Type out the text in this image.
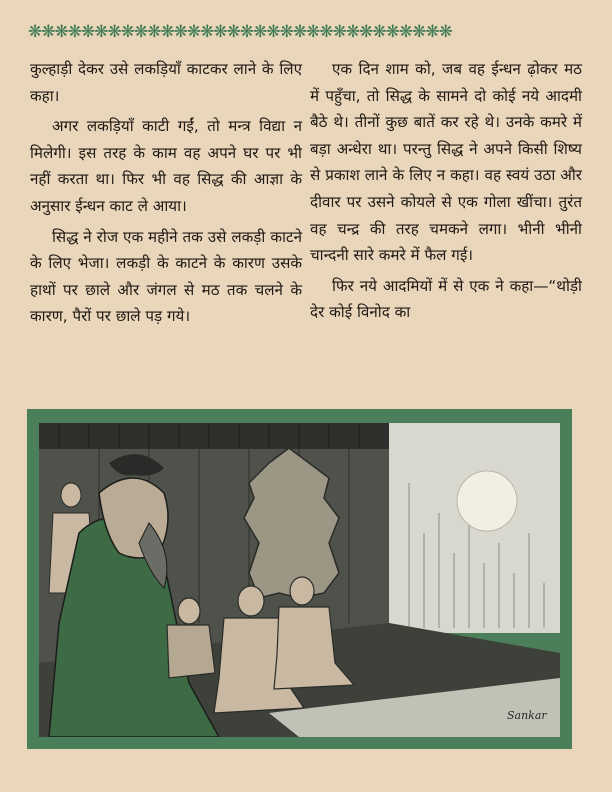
❋❋❋❋❋❋❋❋❋❋❋❋❋❋❋❋❋❋❋❋❋❋❋❋❋❋❋❋❋❋❋❋

कुल्हाड़ी देकर उसे लकड़ियाँ काटकर लाने के लिए कहा।

अगर लकड़ियाँ काटी गईं, तो मन्त्र विद्या न मिलेगी। इस तरह के काम वह अपने घर पर भी नहीं करता था। फिर भी वह सिद्ध की आज्ञा के अनुसार ईन्धन काट ले आया।

सिद्ध ने रोज एक महीने तक उसे लकड़ी काटने के लिए भेजा। लकड़ी के काटने के कारण उसके हाथों पर छाले और जंगल से मठ तक चलने के कारण, पैरों पर छाले पड़ गये।

एक दिन शाम को, जब वह ईन्धन ढ़ोकर मठ में पहुँचा, तो सिद्ध के सामने दो कोई नये आदमी बैठे थे। तीनों कुछ बातें कर रहे थे। उनके कमरे में बड़ा अन्धेरा था। परन्तु सिद्ध ने अपने किसी शिष्य से प्रकाश लाने के लिए न कहा। वह स्वयं उठा और दीवार पर उसने कोयले से एक गोला खींचा। तुरंत वह चन्द्र की तरह चमकने लगा। भीनी भीनी चान्दनी सारे कमरे में फैल गई।

फिर नये आदमियों में से एक ने कहा—“थोड़ी देर कोई विनोद का

Sankar
